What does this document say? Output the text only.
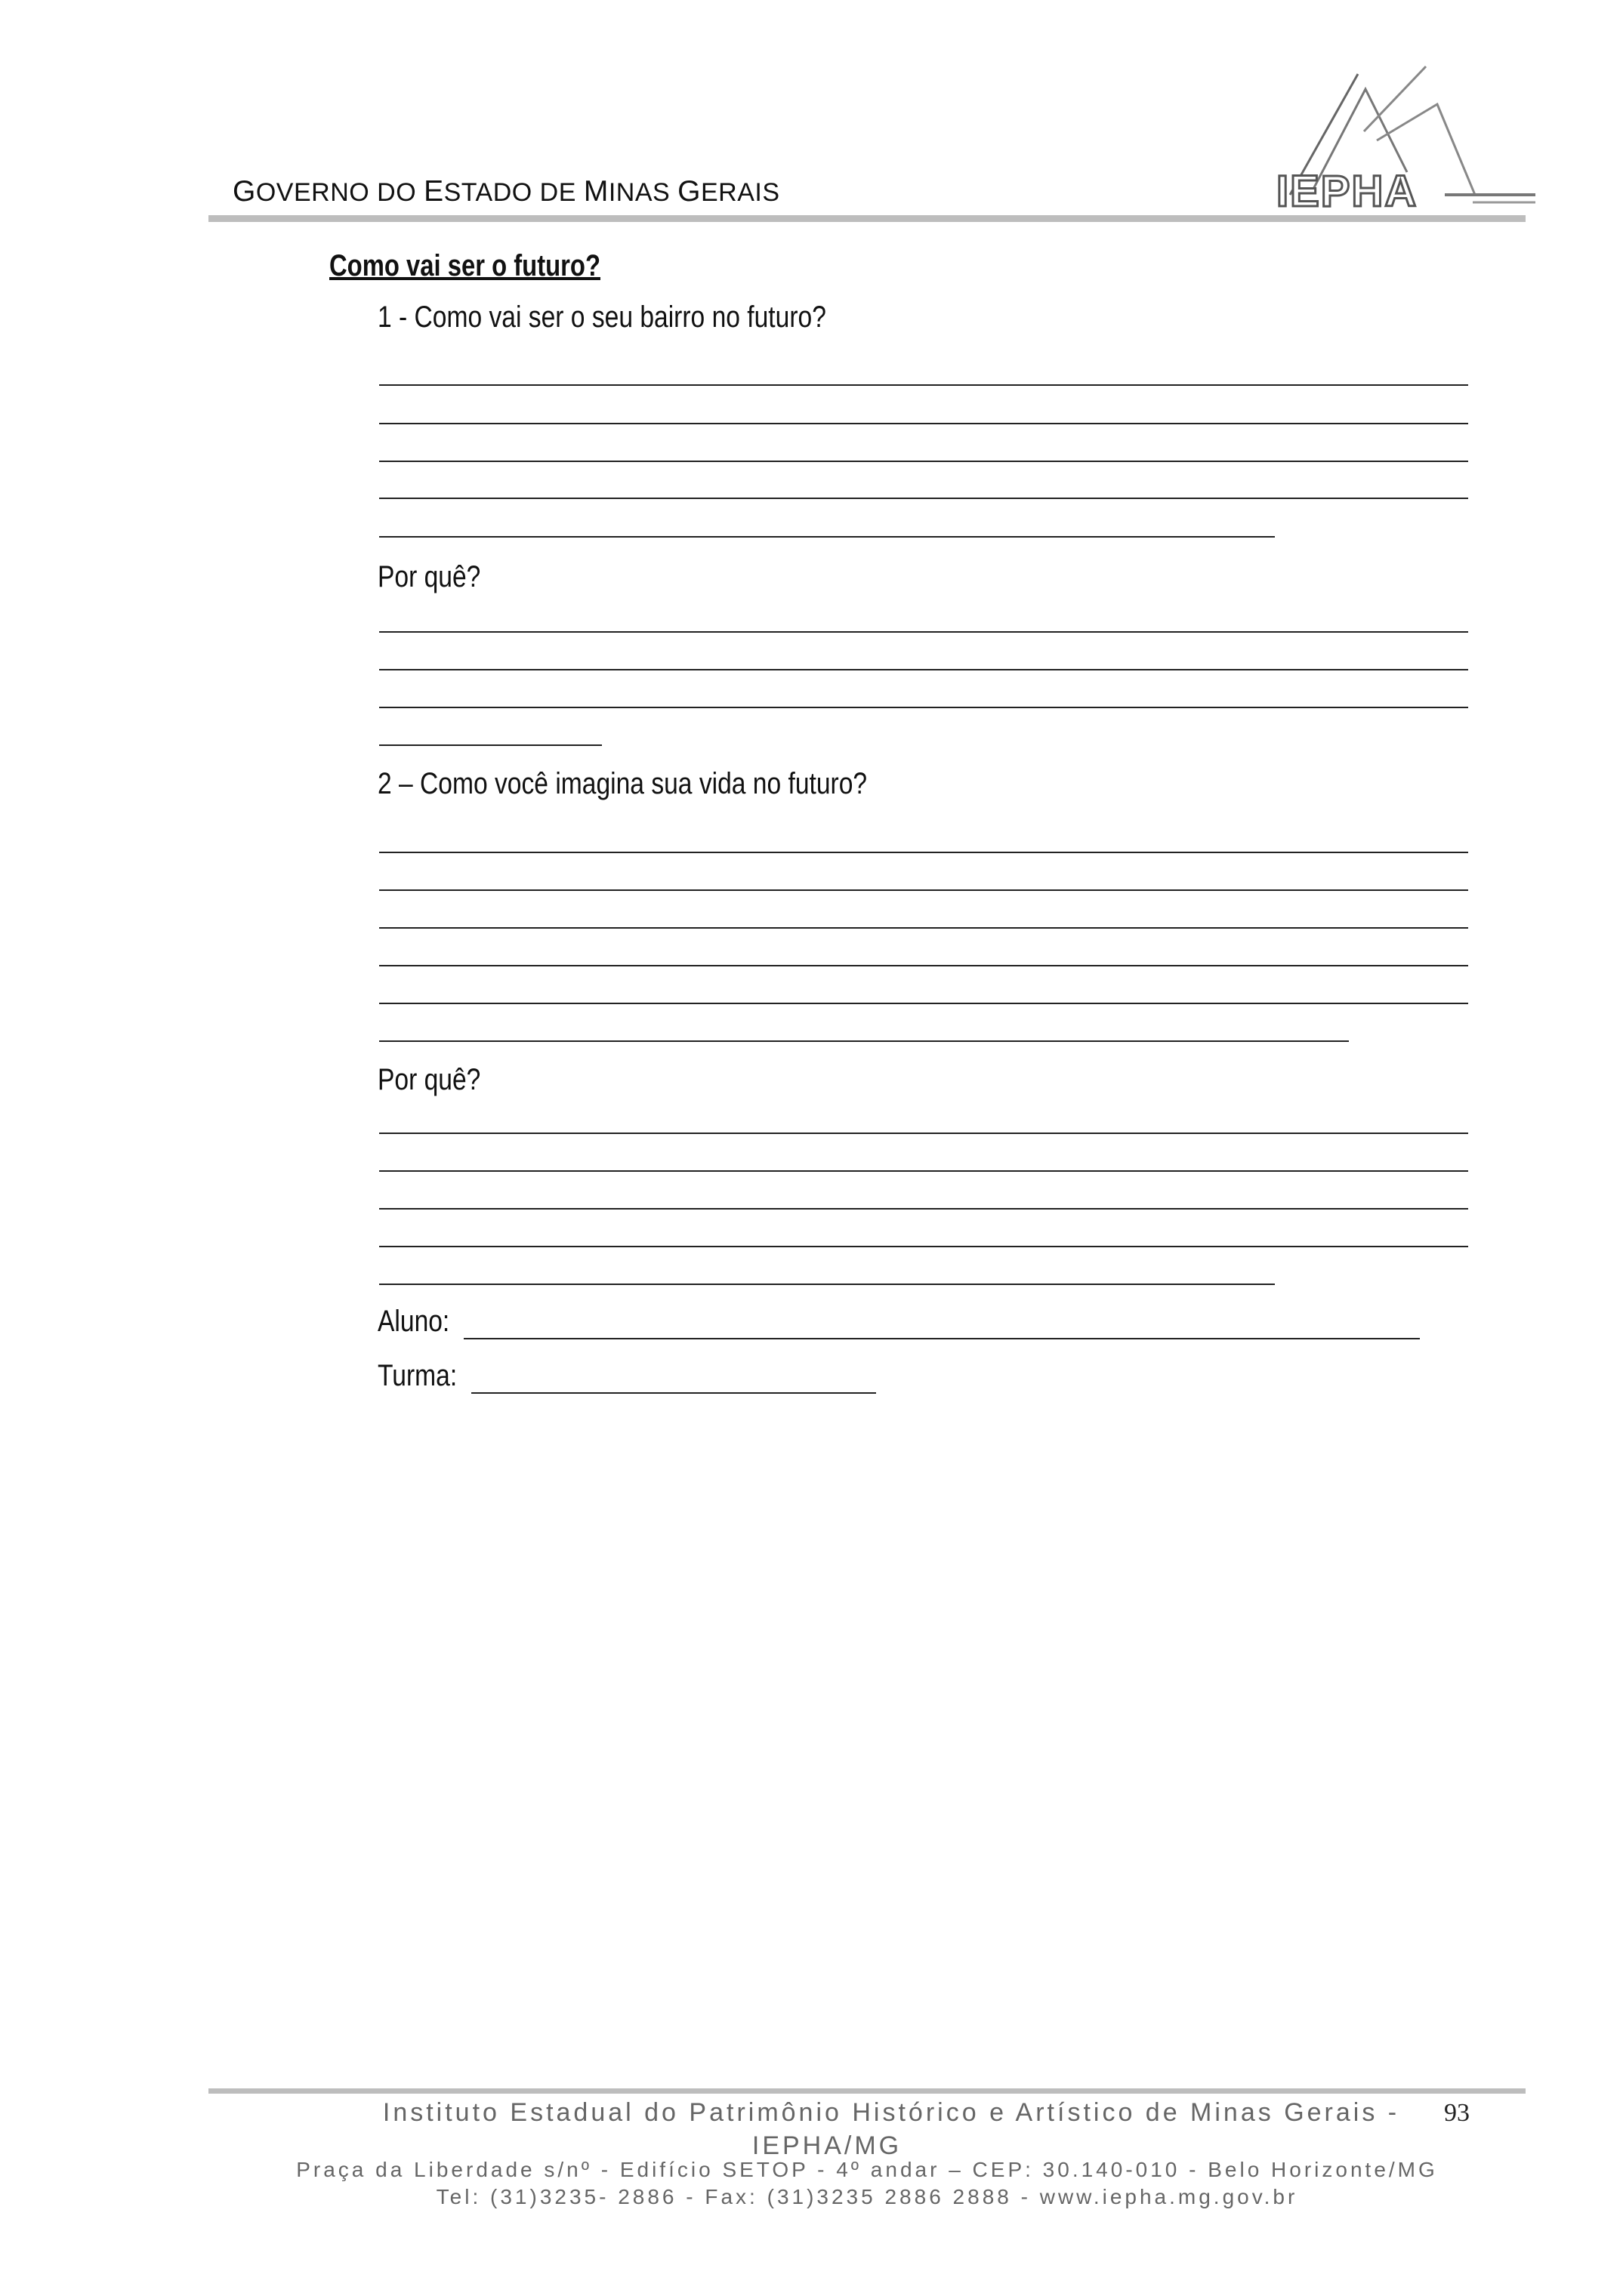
GOVERNO DO ESTADO DE MINAS GERAIS	IEPHA
Como vai ser o futuro?
1 - Como vai ser o seu bairro no futuro?
Por quê?
2 – Como você imagina sua vida no futuro?
Por quê?
Aluno:
Turma:
Instituto Estadual do Patrimônio Histórico e Artístico de Minas Gerais -
IEPHA/MG
93
Praça da Liberdade s/nº - Edifício SETOP - 4º andar – CEP: 30.140-010 - Belo Horizonte/MG
Tel: (31)3235- 2886 - Fax: (31)3235 2886 2888 - www.iepha.mg.gov.br
